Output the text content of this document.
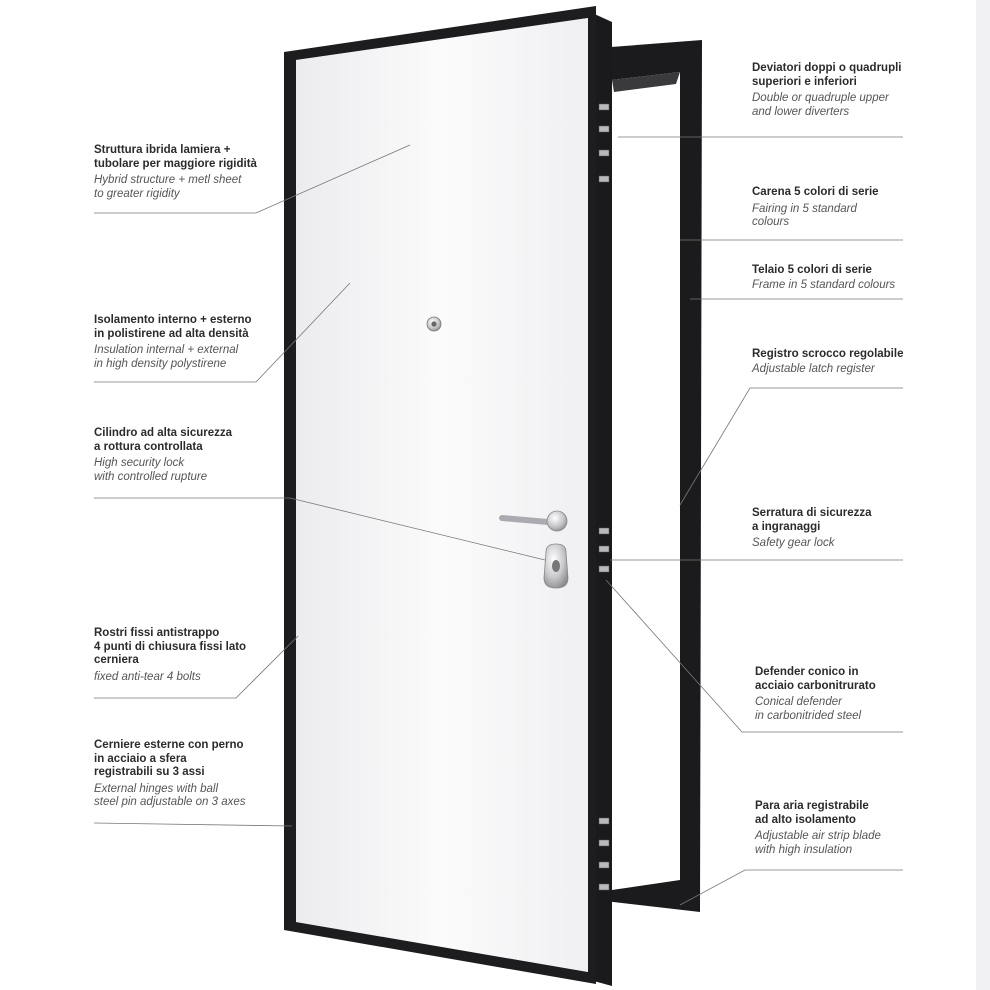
Struttura ibrida lamiera +
tubolare per maggiore rigidità
Hybrid structure + metl sheet
to greater rigidity
Isolamento interno + esterno
in polistirene ad alta densità
Insulation internal + external
in high density polystirene
Cilindro ad alta sicurezza
a rottura controllata
High security lock
with controlled rupture
Rostri fissi antistrappo
4 punti di chiusura fissi lato
cerniera
fixed anti-tear 4 bolts
Cerniere esterne con perno
in acciaio a sfera
registrabili su 3 assi
External hinges with ball
steel pin adjustable on 3 axes
Deviatori doppi o quadrupli
superiori e inferiori
Double or quadruple upper
and lower diverters
Carena 5 colori di serie
Fairing in 5 standard
colours
Telaio 5 colori di serie
Frame in 5 standard colours
Registro scrocco regolabile
Adjustable latch register
Serratura di sicurezza
a ingranaggi
Safety gear lock
Defender conico in
acciaio carbonitrurato
Conical defender
in carbonitrided steel
Para aria registrabile
ad alto isolamento
Adjustable air strip blade
with high insulation
